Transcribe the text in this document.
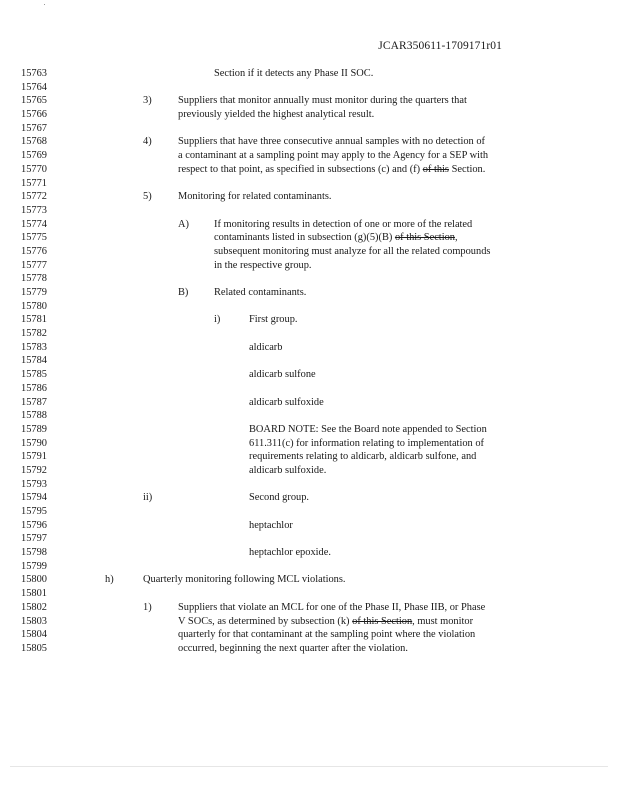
JCAR350611-1709171r01
15763	Section if it detects any Phase II SOC.
15764
15765	3)	Suppliers that monitor annually must monitor during the quarters that
15766	previously yielded the highest analytical result.
15767
15768	4)	Suppliers that have three consecutive annual samples with no detection of
15769	a contaminant at a sampling point may apply to the Agency for a SEP with
15770	respect to that point, as specified in subsections (c) and (f) of this Section.
15771
15772	5)	Monitoring for related contaminants.
15773
15774	A) If monitoring results in detection of one or more of the related
15775	contaminants listed in subsection (g)(5)(B) of this Section,
15776	subsequent monitoring must analyze for all the related compounds
15777	in the respective group.
15778
15779	B) Related contaminants.
15780
15781	i)	First group.
15782
15783	aldicarb
15784
15785	aldicarb sulfone
15786
15787	aldicarb sulfoxide
15788
15789	BOARD NOTE: See the Board note appended to Section
15790	611.311(c) for information relating to implementation of
15791	requirements relating to aldicarb, aldicarb sulfone, and
15792	aldicarb sulfoxide.
15793
15794	ii)	Second group.
15795
15796	heptachlor
15797
15798	heptachlor epoxide.
15799
15800	h)	Quarterly monitoring following MCL violations.
15801
15802	1)	Suppliers that violate an MCL for one of the Phase II, Phase IIB, or Phase
15803	V SOCs, as determined by subsection (k) of this Section, must monitor
15804	quarterly for that contaminant at the sampling point where the violation
15805	occurred, beginning the next quarter after the violation.
